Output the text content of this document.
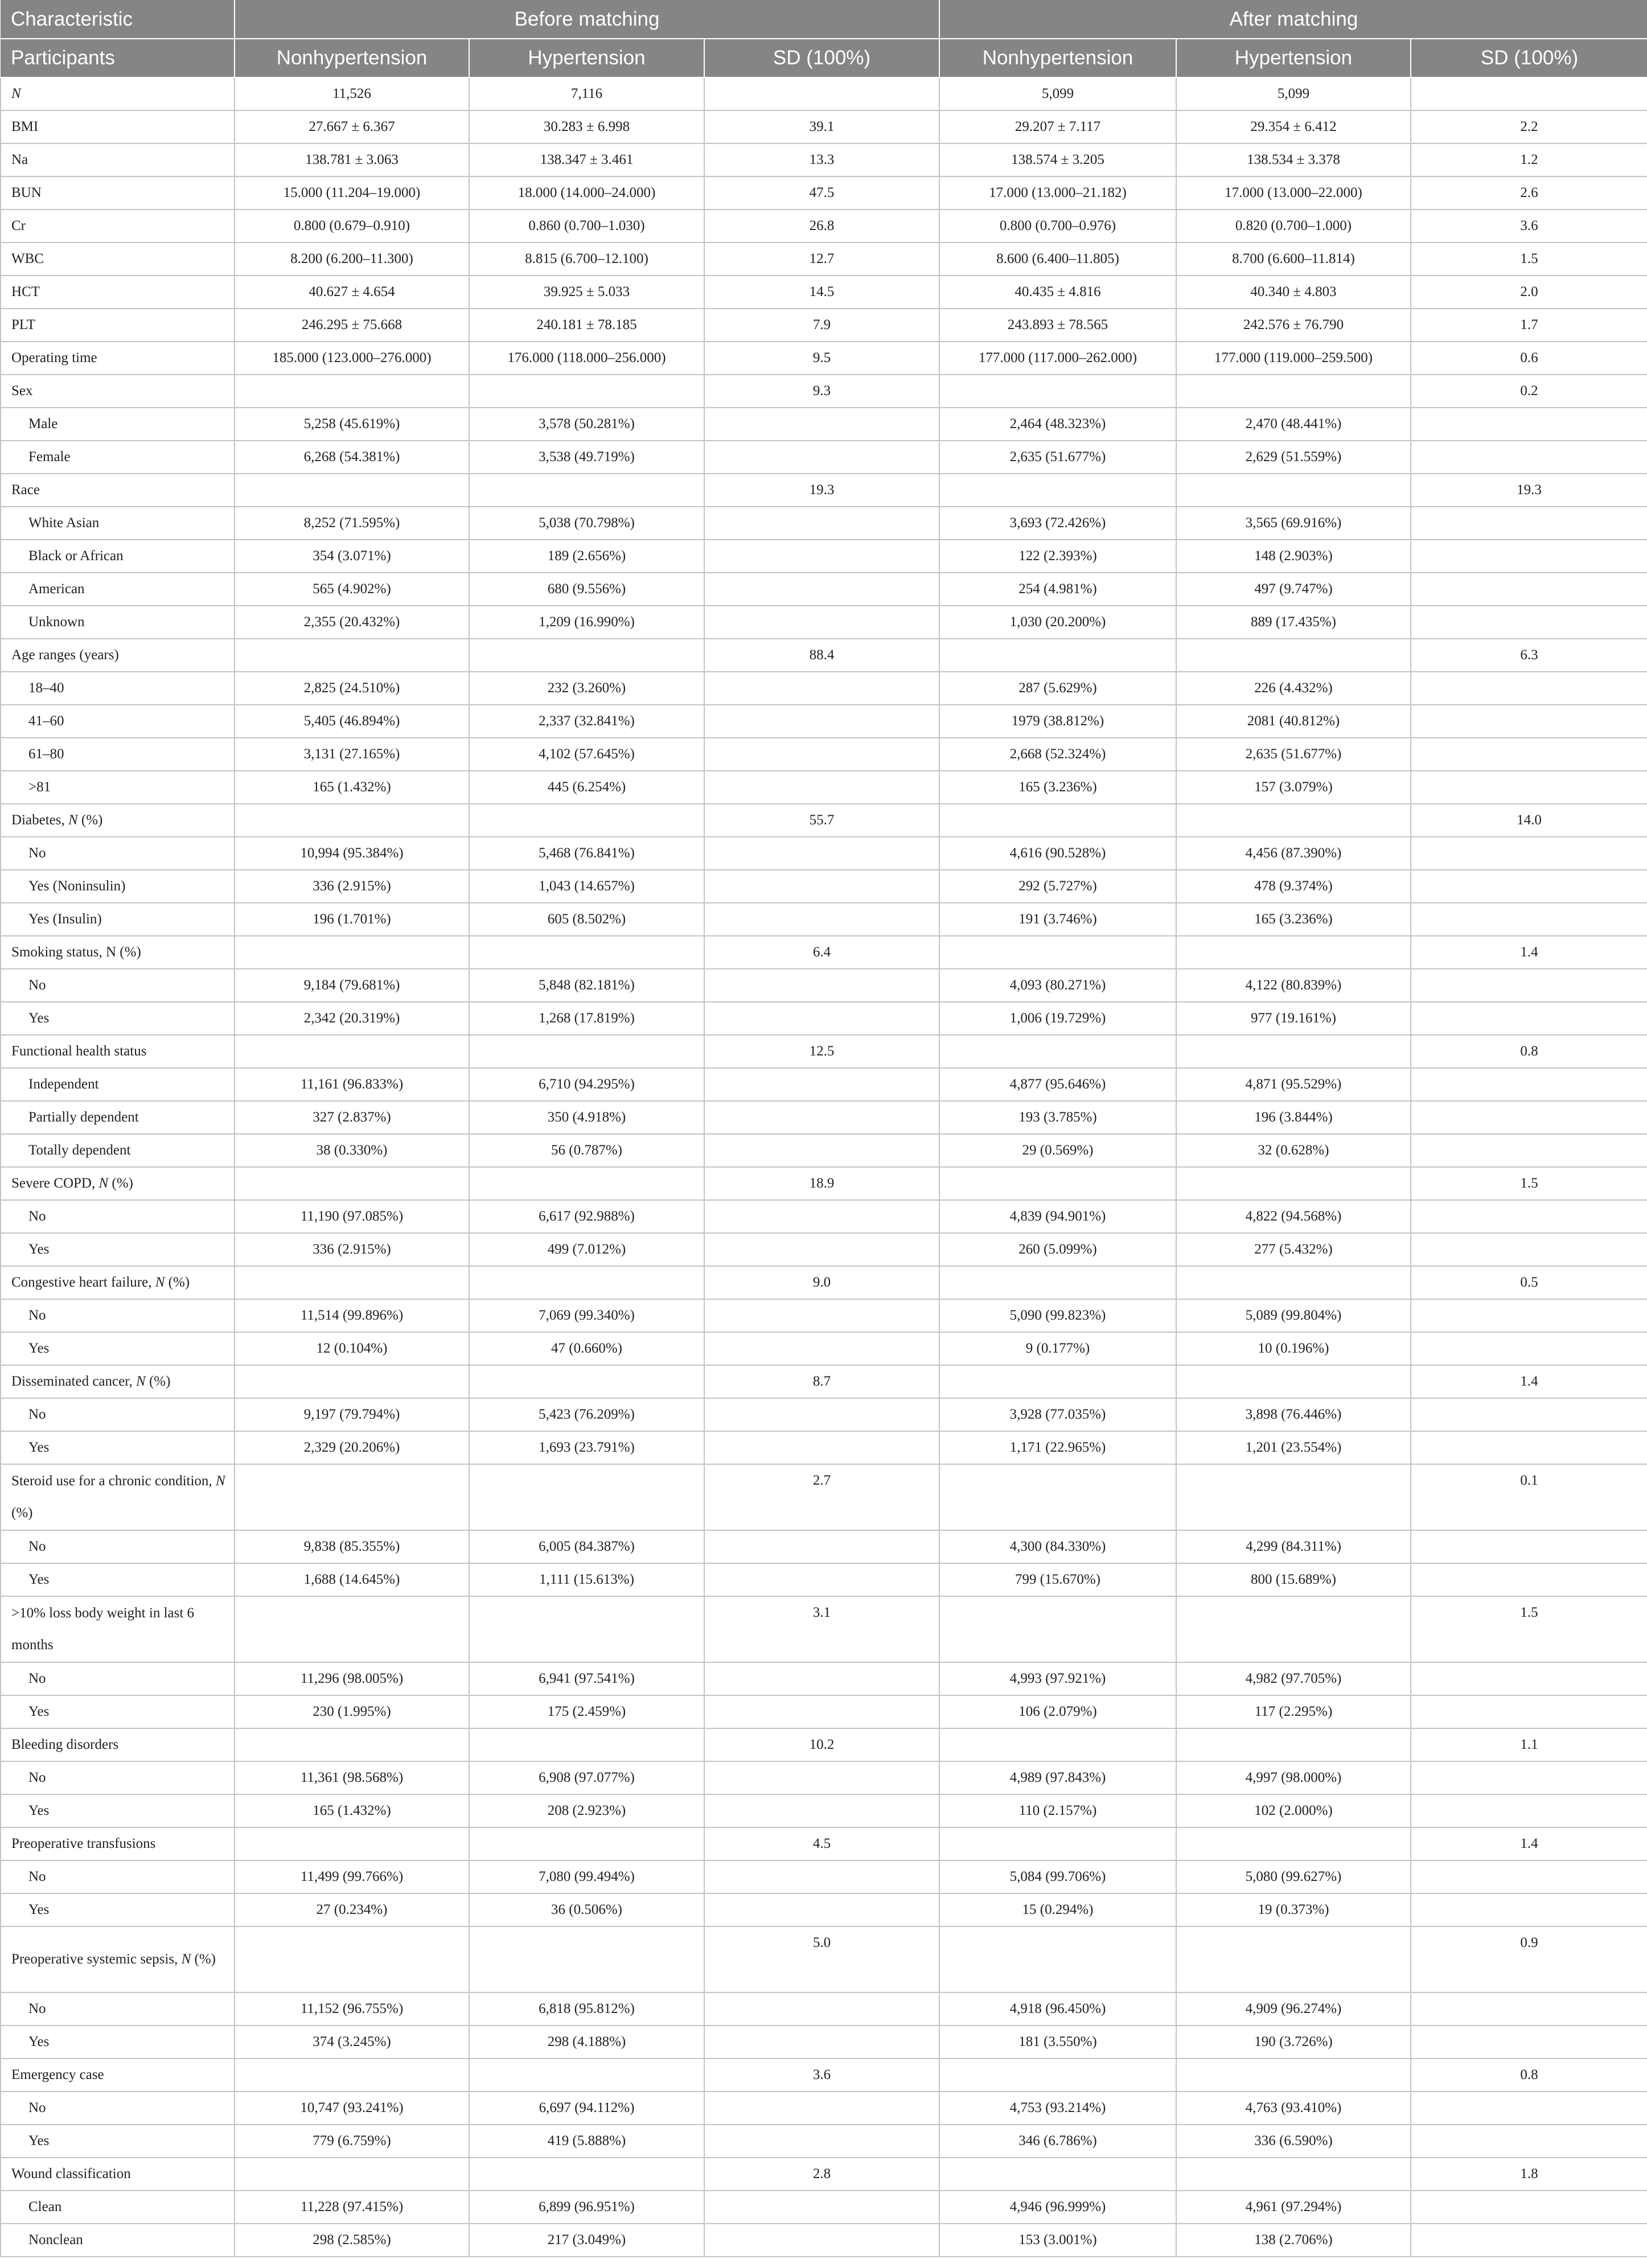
Characteristic	Before matching			After matching		
Participants	Nonhypertension	Hypertension	SD (100%)	Nonhypertension	Hypertension	SD (100%)
N	11,526	7,116		5,099	5,099	
BMI	27.667 ± 6.367	30.283 ± 6.998	39.1	29.207 ± 7.117	29.354 ± 6.412	2.2
Na	138.781 ± 3.063	138.347 ± 3.461	13.3	138.574 ± 3.205	138.534 ± 3.378	1.2
BUN	15.000 (11.204–19.000)	18.000 (14.000–24.000)	47.5	17.000 (13.000–21.182)	17.000 (13.000–22.000)	2.6
Cr	0.800 (0.679–0.910)	0.860 (0.700–1.030)	26.8	0.800 (0.700–0.976)	0.820 (0.700–1.000)	3.6
WBC	8.200 (6.200–11.300)	8.815 (6.700–12.100)	12.7	8.600 (6.400–11.805)	8.700 (6.600–11.814)	1.5
HCT	40.627 ± 4.654	39.925 ± 5.033	14.5	40.435 ± 4.816	40.340 ± 4.803	2.0
PLT	246.295 ± 75.668	240.181 ± 78.185	7.9	243.893 ± 78.565	242.576 ± 76.790	1.7
Operating time	185.000 (123.000–276.000)	176.000 (118.000–256.000)	9.5	177.000 (117.000–262.000)	177.000 (119.000–259.500)	0.6
Sex			9.3			0.2
Male	5,258 (45.619%)	3,578 (50.281%)		2,464 (48.323%)	2,470 (48.441%)	
Female	6,268 (54.381%)	3,538 (49.719%)		2,635 (51.677%)	2,629 (51.559%)	
Race			19.3			19.3
White Asian	8,252 (71.595%)	5,038 (70.798%)		3,693 (72.426%)	3,565 (69.916%)	
Black or African	354 (3.071%)	189 (2.656%)		122 (2.393%)	148 (2.903%)	
American	565 (4.902%)	680 (9.556%)		254 (4.981%)	497 (9.747%)	
Unknown	2,355 (20.432%)	1,209 (16.990%)		1,030 (20.200%)	889 (17.435%)	
Age ranges (years)			88.4			6.3
18–40	2,825 (24.510%)	232 (3.260%)		287 (5.629%)	226 (4.432%)	
41–60	5,405 (46.894%)	2,337 (32.841%)		1979 (38.812%)	2081 (40.812%)	
61–80	3,131 (27.165%)	4,102 (57.645%)		2,668 (52.324%)	2,635 (51.677%)	
>81	165 (1.432%)	445 (6.254%)		165 (3.236%)	157 (3.079%)	
Diabetes, N (%)			55.7			14.0
No	10,994 (95.384%)	5,468 (76.841%)		4,616 (90.528%)	4,456 (87.390%)	
Yes (Noninsulin)	336 (2.915%)	1,043 (14.657%)		292 (5.727%)	478 (9.374%)	
Yes (Insulin)	196 (1.701%)	605 (8.502%)		191 (3.746%)	165 (3.236%)	
Smoking status, N (%)			6.4			1.4
No	9,184 (79.681%)	5,848 (82.181%)		4,093 (80.271%)	4,122 (80.839%)	
Yes	2,342 (20.319%)	1,268 (17.819%)		1,006 (19.729%)	977 (19.161%)	
Functional health status			12.5			0.8
Independent	11,161 (96.833%)	6,710 (94.295%)		4,877 (95.646%)	4,871 (95.529%)	
Partially dependent	327 (2.837%)	350 (4.918%)		193 (3.785%)	196 (3.844%)	
Totally dependent	38 (0.330%)	56 (0.787%)		29 (0.569%)	32 (0.628%)	
Severe COPD, N (%)			18.9			1.5
No	11,190 (97.085%)	6,617 (92.988%)		4,839 (94.901%)	4,822 (94.568%)	
Yes	336 (2.915%)	499 (7.012%)		260 (5.099%)	277 (5.432%)	
Congestive heart failure, N (%)			9.0			0.5
No	11,514 (99.896%)	7,069 (99.340%)		5,090 (99.823%)	5,089 (99.804%)	
Yes	12 (0.104%)	47 (0.660%)		9 (0.177%)	10 (0.196%)	
Disseminated cancer, N (%)			8.7			1.4
No	9,197 (79.794%)	5,423 (76.209%)		3,928 (77.035%)	3,898 (76.446%)	
Yes	2,329 (20.206%)	1,693 (23.791%)		1,171 (22.965%)	1,201 (23.554%)	
Steroid use for a chronic condition, N (%)			2.7			0.1
No	9,838 (85.355%)	6,005 (84.387%)		4,300 (84.330%)	4,299 (84.311%)	
Yes	1,688 (14.645%)	1,111 (15.613%)		799 (15.670%)	800 (15.689%)	
>10% loss body weight in last 6 months			3.1			1.5
No	11,296 (98.005%)	6,941 (97.541%)		4,993 (97.921%)	4,982 (97.705%)	
Yes	230 (1.995%)	175 (2.459%)		106 (2.079%)	117 (2.295%)	
Bleeding disorders			10.2			1.1
No	11,361 (98.568%)	6,908 (97.077%)		4,989 (97.843%)	4,997 (98.000%)	
Yes	165 (1.432%)	208 (2.923%)		110 (2.157%)	102 (2.000%)	
Preoperative transfusions			4.5			1.4
No	11,499 (99.766%)	7,080 (99.494%)		5,084 (99.706%)	5,080 (99.627%)	
Yes	27 (0.234%)	36 (0.506%)		15 (0.294%)	19 (0.373%)	
Preoperative systemic sepsis, N (%)			5.0			0.9
No	11,152 (96.755%)	6,818 (95.812%)		4,918 (96.450%)	4,909 (96.274%)	
Yes	374 (3.245%)	298 (4.188%)		181 (3.550%)	190 (3.726%)	
Emergency case			3.6			0.8
No	10,747 (93.241%)	6,697 (94.112%)		4,753 (93.214%)	4,763 (93.410%)	
Yes	779 (6.759%)	419 (5.888%)		346 (6.786%)	336 (6.590%)	
Wound classification			2.8			1.8
Clean	11,228 (97.415%)	6,899 (96.951%)		4,946 (96.999%)	4,961 (97.294%)	
Nonclean	298 (2.585%)	217 (3.049%)		153 (3.001%)	138 (2.706%)	
